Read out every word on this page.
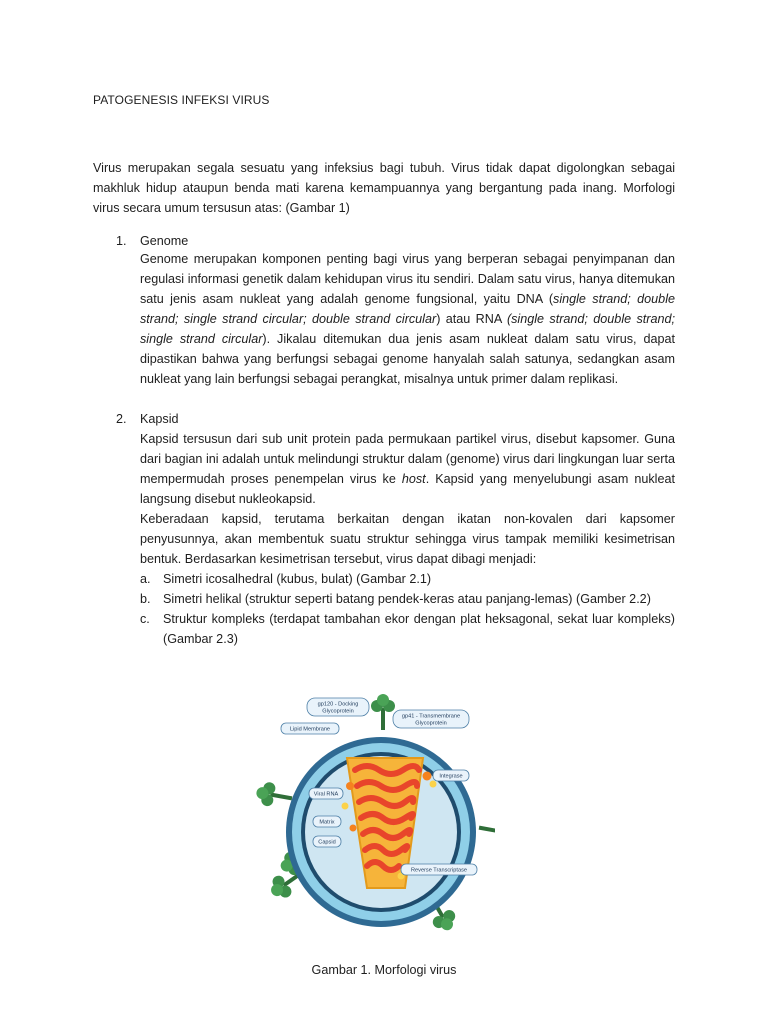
PATOGENESIS INFEKSI VIRUS
Virus merupakan segala sesuatu yang infeksius bagi tubuh. Virus tidak dapat digolongkan sebagai makhluk hidup ataupun benda mati karena kemampuannya yang bergantung pada inang. Morfologi virus secara umum tersusun atas: (Gambar 1)
1. Genome
Genome merupakan komponen penting bagi virus yang berperan sebagai penyimpanan dan regulasi informasi genetik dalam kehidupan virus itu sendiri. Dalam satu virus, hanya ditemukan satu jenis asam nukleat yang adalah genome fungsional, yaitu DNA (single strand; double strand; single strand circular; double strand circular) atau RNA (single strand; double strand; single strand circular). Jikalau ditemukan dua jenis asam nukleat dalam satu virus, dapat dipastikan bahwa yang berfungsi sebagai genome hanyalah salah satunya, sedangkan asam nukleat yang lain berfungsi sebagai perangkat, misalnya untuk primer dalam replikasi.
2. Kapsid
Kapsid tersusun dari sub unit protein pada permukaan partikel virus, disebut kapsomer. Guna dari bagian ini adalah untuk melindungi struktur dalam (genome) virus dari lingkungan luar serta mempermudah proses penempelan virus ke host. Kapsid yang menyelubungi asam nukleat langsung disebut nukleokapsid.
Keberadaan kapsid, terutama berkaitan dengan ikatan non-kovalen dari kapsomer penyusunnya, akan membentuk suatu struktur sehingga virus tampak memiliki kesimetrisan bentuk. Berdasarkan kesimetrisan tersebut, virus dapat dibagi menjadi:
a. Simetri icosalhedral (kubus, bulat) (Gambar 2.1)
b. Simetri helikal (struktur seperti batang pendek-keras atau panjang-lemas) (Gamber 2.2)
c. Struktur kompleks (terdapat tambahan ekor dengan plat heksagonal, sekat luar kompleks) (Gambar 2.3)
gp120 - Docking
Glycoprotein
gp41 - Transmembrane
Glycoprotein
Lipid Membrane
Integrase
Viral RNA
Matrix
Capsid
Reverse Transcriptase
Gambar 1. Morfologi virus
